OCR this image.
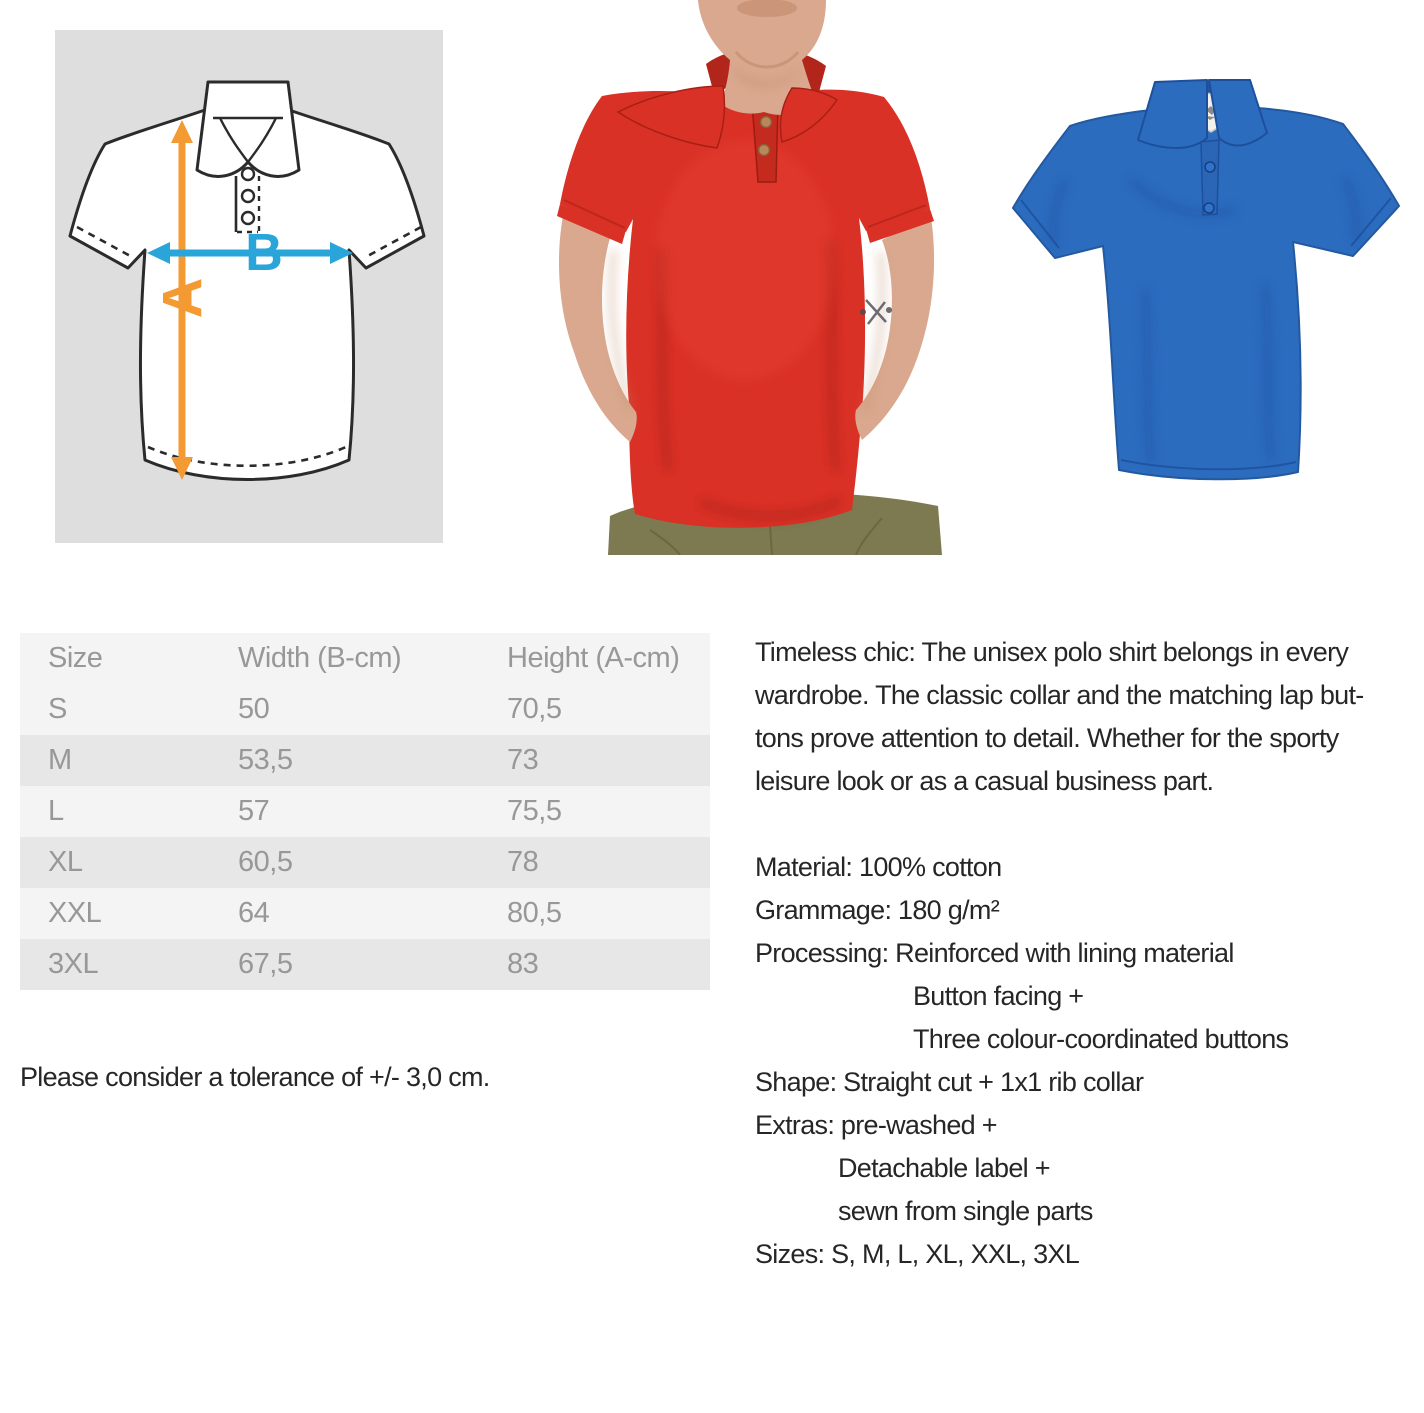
A
B
Size	Width (B-cm)	Height (A-cm)
S	50	70,5
M	53,5	73
L	57	75,5
XL	60,5	78
XXL	64	80,5
3XL	67,5	83
Please consider a tolerance of +/- 3,0 cm.
Timeless chic: The unisex polo shirt belongs in every
wardrobe. The classic collar and the matching lap but-
tons prove attention to detail. Whether for the sporty
leisure look or as a casual business part.
Material: 100% cotton
Grammage: 180 g/m²
Processing: Reinforced with lining material
Button facing +
Three colour-coordinated buttons
Shape: Straight cut + 1x1 rib collar
Extras: pre-washed +
Detachable label +
sewn from single parts
Sizes: S, M, L, XL, XXL, 3XL
